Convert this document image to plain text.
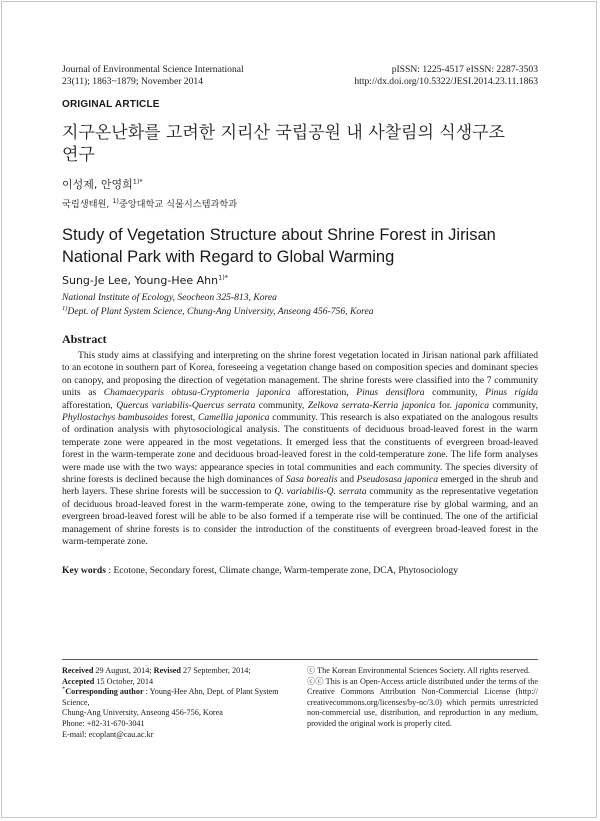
Journal of Environmental Science International
23(11); 1863~1879; November 2014
pISSN: 1225-4517 eISSN: 2287-3503
http://dx.doi.org/10.5322/JESI.2014.23.11.1863
ORIGINAL ARTICLE
지구온난화를 고려한 지리산 국립공원 내 사찰림의 식생구조
연구
이성제, 안영희$^{1)*}$
국립생태원, $^{1)}$중앙대학교 식물시스템과학과
Study of Vegetation Structure about Shrine Forest in Jirisan
National Park with Regard to Global Warming
Sung-Je Lee, Young-Hee Ahn$^{1)*}$
National Institute of Ecology, Seocheon 325-813, Korea
$^{1)}$Dept. of Plant System Science, Chung-Ang University, Anseong 456-756, Korea
Abstract

This study aims at classifying and interpreting on the shrine forest vegetation located in Jirisan national park affiliated to an ecotone in southern part of Korea, foreseeing a vegetation change based on composition species and dominant species on canopy, and proposing the direction of vegetation management. The shrine forests were classified into the 7 community units as Chamaecyparis obtusa-Cryptomeria japonica afforestation, Pinus densiflora community, Pinus rigida afforestation, Quercus variabilis-Quercus serrata community, Zelkova serrata-Kerria japonica for. japonica community, Phyllostachys bambusoides forest, Camellia japonica community. This research is also expatiated on the analogous results of ordination analysis with phytosociological analysis. The constituents of deciduous broad-leaved forest in the warm temperate zone were appeared in the most vegetations. It emerged less that the constituents of evergreen broad-leaved forest in the warm-temperate zone and deciduous broad-leaved forest in the cold-temperature zone. The life form analyses were made use with the two ways: appearance species in total communities and each community. The species diversity of shrine forests is declined because the high dominances of Sasa borealis and Pseudosasa japonica emerged in the shrub and herb layers. These shrine forests will be succession to Q. variabilis-Q. serrata community as the representative vegetation of deciduous broad-leaved forest in the warm-temperate zone, owing to the temperature rise by global warming, and an evergreen broad-leaved forest will be able to be also formed if a temperate rise will be continued. The one of the artificial management of shrine forests is to consider the introduction of the constituents of evergreen broad-leaved forest in the warm-temperate zone.

Key words : Ecotone, Secondary forest, Climate change, Warm-temperate zone, DCA, Phytosociology
Received 29 August, 2014; Revised 27 September, 2014;
Accepted 15 October, 2014
*Corresponding author : Young-Hee Ahn, Dept. of Plant System Science,
Chung-Ang University, Anseong 456-756, Korea
Phone: +82-31-670-3041
E-mail: ecoplant@cau.ac.kr
ⓒ The Korean Environmental Sciences Society. All rights reserved.
ⓒⓒ This is an Open-Access article distributed under the terms of the Creative Commons Attribution Non-Commercial License (http:// creativecommons.org/licenses/by-nc/3.0) which permits unrestricted non-commercial use, distribution, and reproduction in any medium, provided the original work is properly cited.
